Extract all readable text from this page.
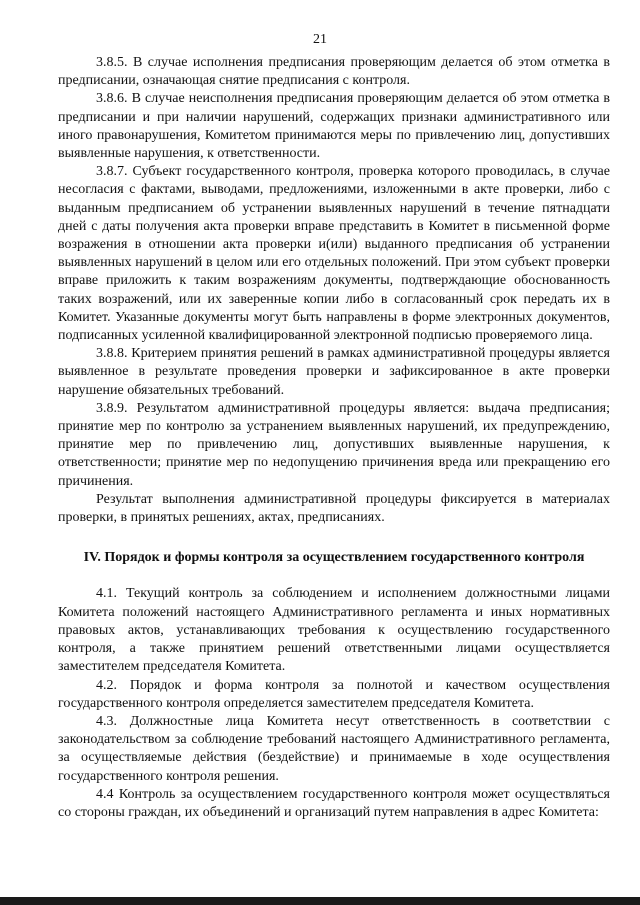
21

3.8.5. В случае исполнения предписания проверяющим делается об этом отметка в предписании, означающая снятие предписания с контроля.

3.8.6. В случае неисполнения предписания проверяющим делается об этом отметка в предписании и при наличии нарушений, содержащих признаки административного или иного правонарушения, Комитетом принимаются меры по привлечению лиц, допустивших выявленные нарушения, к ответственности.

3.8.7. Субъект государственного контроля, проверка которого проводилась, в случае несогласия с фактами, выводами, предложениями, изложенными в акте проверки, либо с выданным предписанием об устранении выявленных нарушений в течение пятнадцати дней с даты получения акта проверки вправе представить в Комитет в письменной форме возражения в отношении акта проверки и(или) выданного предписания об устранении выявленных нарушений в целом или его отдельных положений. При этом субъект проверки вправе приложить к таким возражениям документы, подтверждающие обоснованность таких возражений, или их заверенные копии либо в согласованный срок передать их в Комитет. Указанные документы могут быть направлены в форме электронных документов, подписанных усиленной квалифицированной электронной подписью проверяемого лица.

3.8.8. Критерием принятия решений в рамках административной процедуры является выявленное в результате проведения проверки и зафиксированное в акте проверки нарушение обязательных требований.

3.8.9. Результатом административной процедуры является: выдача предписания; принятие мер по контролю за устранением выявленных нарушений, их предупреждению, принятие мер по привлечению лиц, допустивших выявленные нарушения, к ответственности; принятие мер по недопущению причинения вреда или прекращению его причинения.

Результат выполнения административной процедуры фиксируется в материалах проверки, в принятых решениях, актах, предписаниях.

IV. Порядок и формы контроля за осуществлением государственного контроля

4.1. Текущий контроль за соблюдением и исполнением должностными лицами Комитета положений настоящего Административного регламента и иных нормативных правовых актов, устанавливающих требования к осуществлению государственного контроля, а также принятием решений ответственными лицами осуществляется заместителем председателя Комитета.

4.2. Порядок и форма контроля за полнотой и качеством осуществления государственного контроля определяется заместителем председателя Комитета.

4.3. Должностные лица Комитета несут ответственность в соответствии с законодательством за соблюдение требований настоящего Административного регламента, за осуществляемые действия (бездействие) и принимаемые в ходе осуществления государственного контроля решения.

4.4 Контроль за осуществлением государственного контроля может осуществляться со стороны граждан, их объединений и организаций путем направления в адрес Комитета:
